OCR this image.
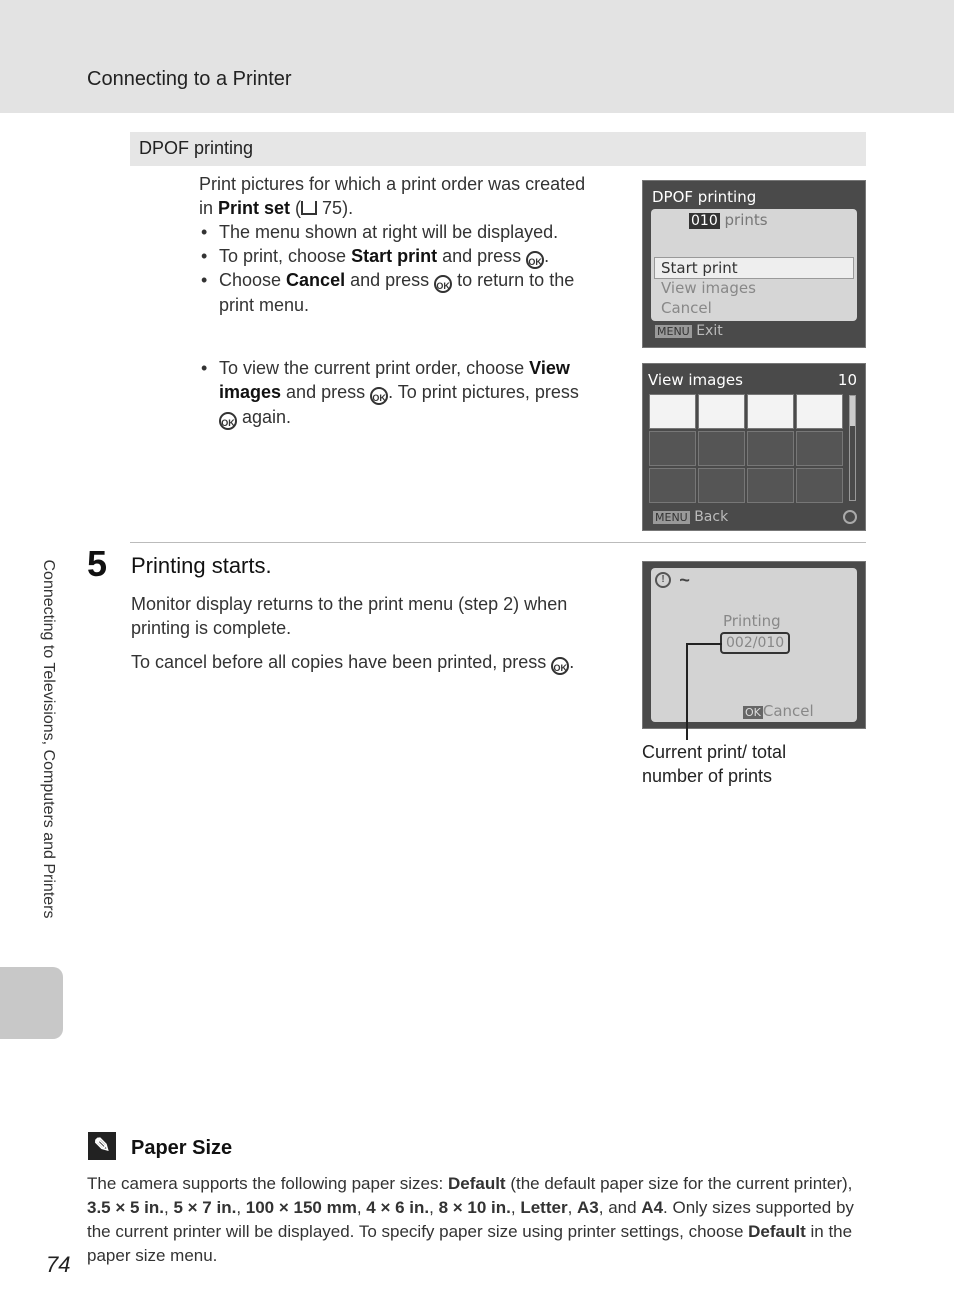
Connecting to a Printer
Connecting to Televisions, Computers and Printers
DPOF printing
Print pictures for which a print order was created
in Print set ( 75).
• The menu shown at right will be displayed.
• To print, choose Start print and press OK .
• Choose Cancel and press OK to return to the
print menu.
• To view the current print order, choose View
images and press OK . To print pictures, press
OK again.
DPOF printing
010 prints
Start print
View images
Cancel
MENU Exit
View images	10
MENU Back
5 Printing starts.
Monitor display returns to the print menu (step 2) when
printing is complete.
To cancel before all copies have been printed, press OK .
! ~
Printing
002/010
OK Cancel
Current print/ total
number of prints
✎ Paper Size
The camera supports the following paper sizes: Default (the default paper size for the current printer), 3.5 × 5 in., 5 × 7 in., 100 × 150 mm, 4 × 6 in., 8 × 10 in., Letter, A3, and A4. Only sizes supported by the current printer will be displayed. To specify paper size using printer settings, choose Default in the paper size menu.
74
